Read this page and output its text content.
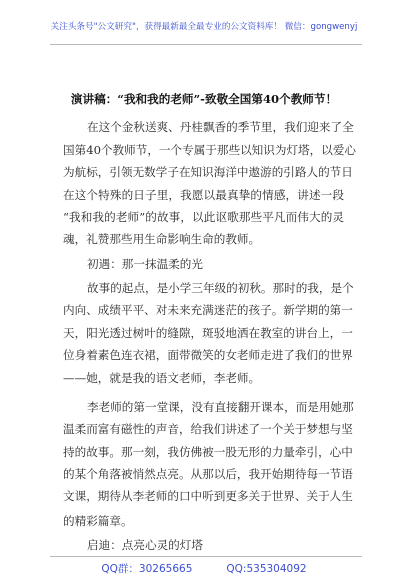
关注头条号"公文研究"，获得最新最全最专业的公文资料库！ 微信：gongwenyj
演讲稿：“我和我的老师”-致敬全国第40个教师节！
在这个金秋送爽、丹桂飘香的季节里，我们迎来了全
国第40个教师节，一个专属于那些以知识为灯塔，以爱心
为航标，引领无数学子在知识海洋中遨游的引路人的节日
在这个特殊的日子里，我愿以最真挚的情感，讲述一段
“我和我的老师”的故事，以此讴歌那些平凡而伟大的灵
魂，礼赞那些用生命影响生命的教师。
初遇：那一抹温柔的光
故事的起点，是小学三年级的初秋。那时的我，是个
内向、成绩平平、对未来充满迷茫的孩子。新学期的第一
天，阳光透过树叶的缝隙，斑驳地洒在教室的讲台上，一
位身着素色连衣裙，面带微笑的女老师走进了我们的世界
——她，就是我的语文老师，李老师。
李老师的第一堂课，没有直接翻开课本，而是用她那
温柔而富有磁性的声音，给我们讲述了一个关于梦想与坚
持的故事。那一刻，我仿佛被一股无形的力量牵引，心中
的某个角落被悄然点亮。从那以后，我开始期待每一节语
文课，期待从李老师的口中听到更多关于世界、关于人生
的精彩篇章。
启迪：点亮心灵的灯塔
QQ群：30265665	QQ:535304092
